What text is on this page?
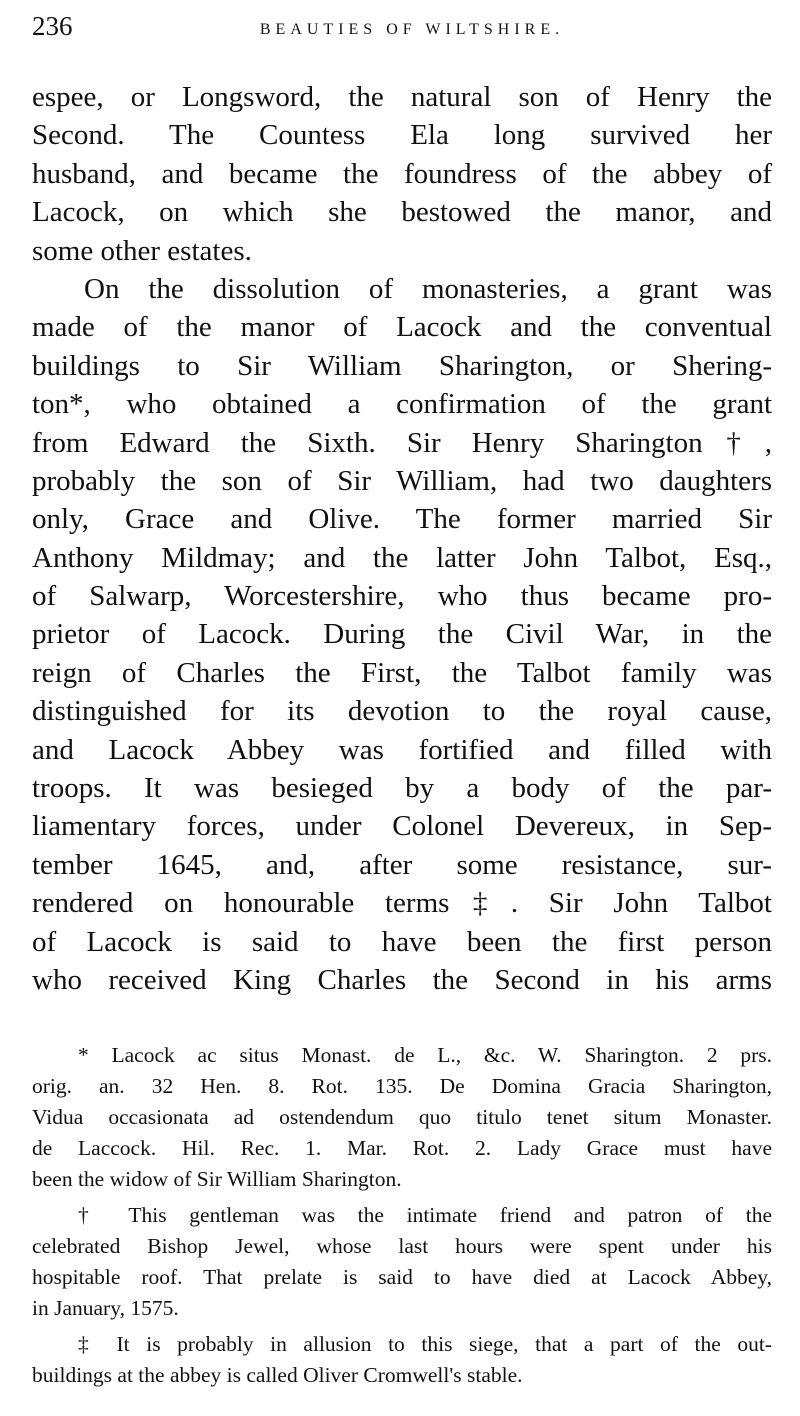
236	BEAUTIES OF WILTSHIRE.
espee, or Longsword, the natural son of Henry the
Second. The Countess Ela long survived her
husband, and became the foundress of the abbey of
Lacock, on which she bestowed the manor, and
some other estates.
On the dissolution of monasteries, a grant was
made of the manor of Lacock and the conventual
buildings to Sir William Sharington, or Shering-
ton*, who obtained a confirmation of the grant
from Edward the Sixth. Sir Henry Sharington†,
probably the son of Sir William, had two daughters
only, Grace and Olive. The former married Sir
Anthony Mildmay; and the latter John Talbot, Esq.,
of Salwarp, Worcestershire, who thus became pro-
prietor of Lacock. During the Civil War, in the
reign of Charles the First, the Talbot family was
distinguished for its devotion to the royal cause,
and Lacock Abbey was fortified and filled with
troops. It was besieged by a body of the par-
liamentary forces, under Colonel Devereux, in Sep-
tember 1645, and, after some resistance, sur-
rendered on honourable terms‡. Sir John Talbot
of Lacock is said to have been the first person
who received King Charles the Second in his arms
* Lacock ac situs Monast. de L., &c. W. Sharington. 2 prs.
orig. an. 32 Hen. 8. Rot. 135. De Domina Gracia Sharington,
Vidua occasionata ad ostendendum quo titulo tenet situm Monaster.
de Laccock. Hil. Rec. 1. Mar. Rot. 2. Lady Grace must have
been the widow of Sir William Sharington.
† This gentleman was the intimate friend and patron of the
celebrated Bishop Jewel, whose last hours were spent under his
hospitable roof. That prelate is said to have died at Lacock Abbey,
in January, 1575.
‡ It is probably in allusion to this siege, that a part of the out-
buildings at the abbey is called Oliver Cromwell's stable.
